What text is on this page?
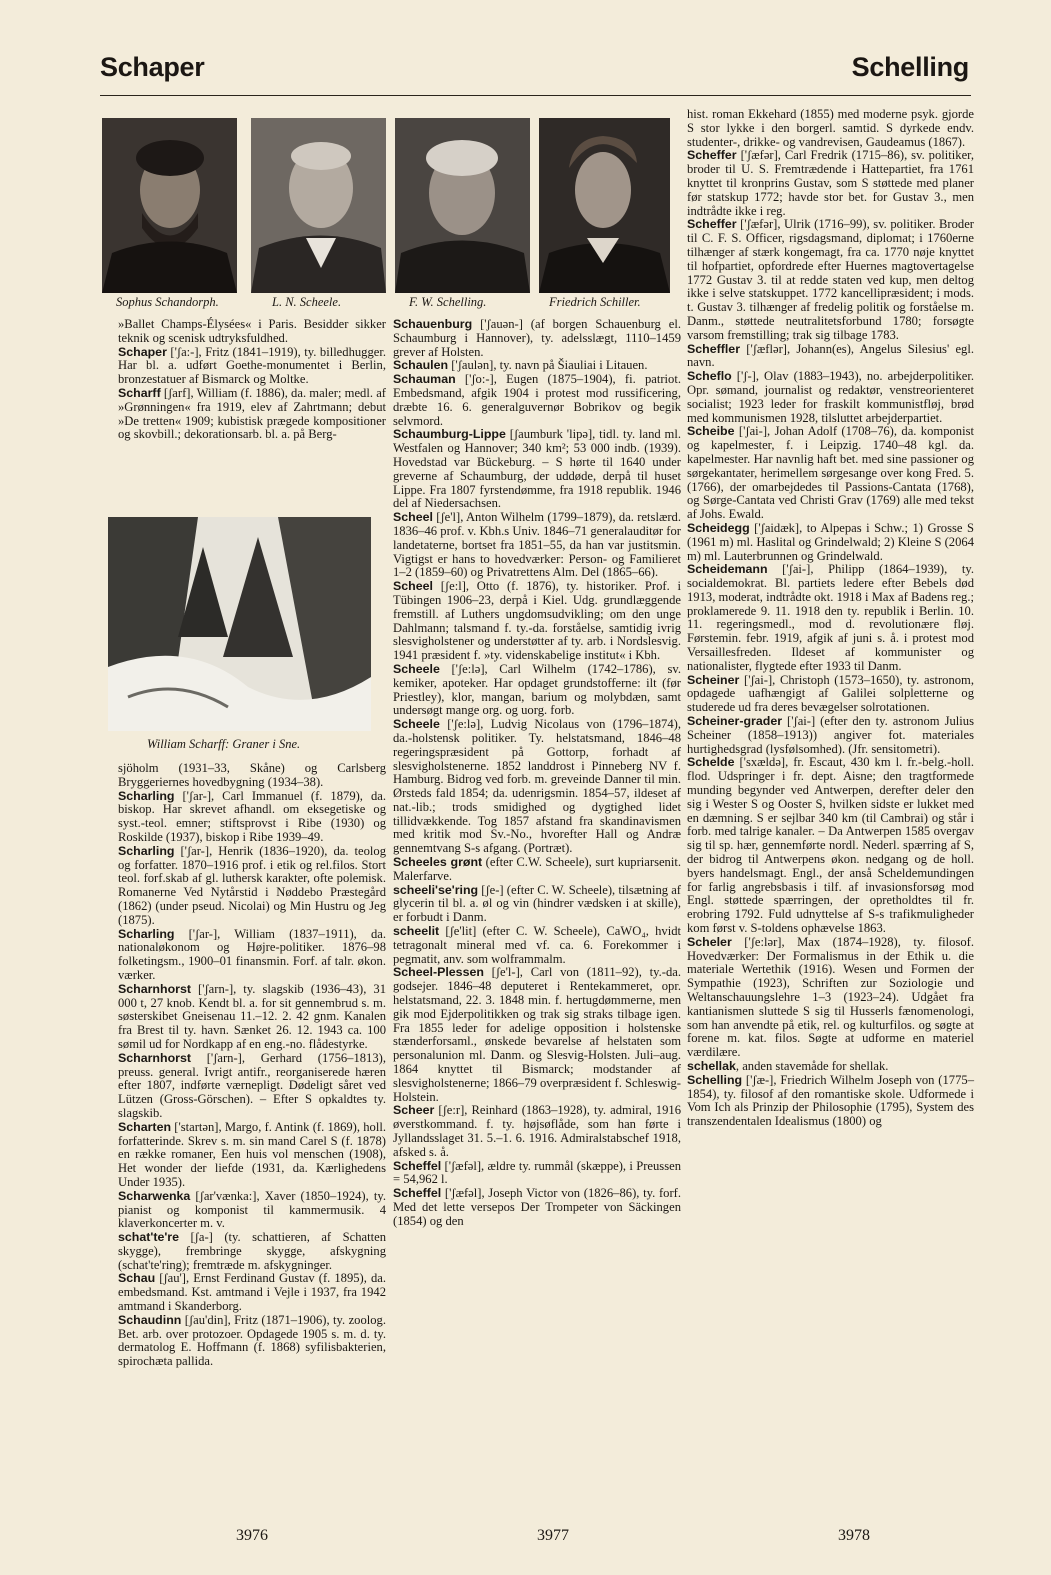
Schaper	Schelling
Sophus Schandorph.	L. N. Scheele.	F. W. Schelling.	Friedrich Schiller.

»Ballet Champs-Élysées« i Paris. Besidder sikker teknik og scenisk udtryksfuldhed.

Schaper ['ʃa:-], Fritz (1841–1919), ty. billedhugger. Har bl. a. udført Goethe-monumentet i Berlin, bronzestatuer af Bismarck og Moltke.

Scharff [ʃarf], William (f. 1886), da. maler; medl. af »Grønningen« fra 1919, elev af Zahrtmann; debut »De tretten« 1909; kubistisk prægede kompositioner og skovbill.; dekorationsarb. bl. a. på Berg-

William Scharff: Graner i Sne.

sjöholm (1931–33, Skåne) og Carlsberg Bryggeriernes hovedbygning (1934–38).

Scharling ['ʃar-], Carl Immanuel (f. 1879), da. biskop. Har skrevet afhandl. om eksegetiske og syst.-teol. emner; stiftsprovst i Ribe (1930) og Roskilde (1937), biskop i Ribe 1939–49.

Scharling ['ʃar-], Henrik (1836–1920), da. teolog og forfatter. 1870–1916 prof. i etik og rel.filos. Stort teol. forf.skab af gl. luthersk karakter, ofte polemisk. Romanerne Ved Nytårstid i Nøddebo Præstegård (1862) (under pseud. Nicolai) og Min Hustru og Jeg (1875).

Scharling ['ʃar-], William (1837–1911), da. nationaløkonom og Højre-politiker. 1876–98 folketingsm., 1900–01 finansmin. Forf. af talr. økon. værker.

Scharnhorst ['ʃarn-], ty. slagskib (1936–43), 31 000 t, 27 knob. Kendt bl. a. for sit gennembrud s. m. søsterskibet Gneisenau 11.–12. 2. 42 gnm. Kanalen fra Brest til ty. havn. Sænket 26. 12. 1943 ca. 100 sømil ud for Nordkapp af en eng.-no. flådestyrke.

Scharnhorst ['ʃarn-], Gerhard (1756–1813), preuss. general. Ivrigt antifr., reorganiserede hæren efter 1807, indførte værnepligt. Dødeligt såret ved Lützen (Gross-Görschen). – Efter S opkaldtes ty. slagskib.

Scharten ['startən], Margo, f. Antink (f. 1869), holl. forfatterinde. Skrev s. m. sin mand Carel S (f. 1878) en række romaner, Een huis vol menschen (1908), Het wonder der liefde (1931, da. Kærlighedens Under 1935).

Scharwenka [ʃar'vænka:], Xaver (1850–1924), ty. pianist og komponist til kammermusik. 4 klaverkoncerter m. v.

schat'te're [ʃa-] (ty. schattieren, af Schatten skygge), frembringe skygge, afskygning (schat'te'ring); fremtræde m. afskygninger.

Schau [ʃau'], Ernst Ferdinand Gustav (f. 1895), da. embedsmand. Kst. amtmand i Vejle i 1937, fra 1942 amtmand i Skanderborg.

Schaudinn [ʃau'din], Fritz (1871–1906), ty. zoolog. Bet. arb. over protozoer. Opdagede 1905 s. m. d. ty. dermatolog E. Hoffmann (f. 1868) syfilisbakterien, spirochæta pallida.

Schauenburg ['ʃauən-] (af borgen Schauenburg el. Schaumburg i Hannover), ty. adelsslægt, 1110–1459 grever af Holsten.

Schaulen ['ʃaulən], ty. navn på Šiauliai i Litauen.

Schauman ['ʃo:-], Eugen (1875–1904), fi. patriot. Embedsmand, afgik 1904 i protest mod russificering, dræbte 16. 6. generalguvernør Bobrikov og begik selvmord.

Schaumburg-Lippe [ʃaumburk 'lipə], tidl. ty. land ml. Westfalen og Hannover; 340 km²; 53 000 indb. (1939). Hovedstad var Bückeburg. – S hørte til 1640 under greverne af Schaumburg, der uddøde, derpå til huset Lippe. Fra 1807 fyrstendømme, fra 1918 republik. 1946 del af Niedersachsen.

Scheel [ʃe'l], Anton Wilhelm (1799–1879), da. retslærd. 1836–46 prof. v. Kbh.s Univ. 1846–71 generalauditør for landetaterne, bortset fra 1851–55, da han var justitsmin. Vigtigst er hans to hovedværker: Person- og Familieret 1–2 (1859–60) og Privatrettens Alm. Del (1865–66).

Scheel [ʃe:l], Otto (f. 1876), ty. historiker. Prof. i Tübingen 1906–23, derpå i Kiel. Udg. grundlæggende fremstill. af Luthers ungdomsudvikling; om den unge Dahlmann; talsmand f. ty.-da. forståelse, samtidig ivrig slesvigholstener og understøtter af ty. arb. i Nordslesvig. 1941 præsident f. »ty. videnskabelige institut« i Kbh.

Scheele ['ʃe:lə], Carl Wilhelm (1742–1786), sv. kemiker, apoteker. Har opdaget grundstofferne: ilt (før Priestley), klor, mangan, barium og molybdæn, samt undersøgt mange org. og uorg. forb.

Scheele ['ʃe:lə], Ludvig Nicolaus von (1796–1874), da.-holstensk politiker. Ty. helstatsmand, 1846–48 regeringspræsident på Gottorp, forhadt af slesvigholstenerne. 1852 landdrost i Pinneberg NV f. Hamburg. Bidrog ved forb. m. greveinde Danner til min. Ørsteds fald 1854; da. udenrigsmin. 1854–57, ildeset af nat.-lib.; trods smidighed og dygtighed lidet tillidvækkende. Tog 1857 afstand fra skandinavismen med kritik mod Sv.-No., hvorefter Hall og Andræ gennemtvang S-s afgang. (Portræt).

Scheeles grønt (efter C.W. Scheele), surt kupriarsenit. Malerfarve.

scheeli'se'ring [ʃe-] (efter C. W. Scheele), tilsætning af glycerin til bl. a. øl og vin (hindrer vædsken i at skille), er forbudt i Danm.

scheelit [ʃe'lit] (efter C. W. Scheele), CaWO₄, hvidt tetragonalt mineral med vf. ca. 6. Forekommer i pegmatit, anv. som wolframmalm.

Scheel-Plessen [ʃe'l-], Carl von (1811–92), ty.-da. godsejer. 1846–48 deputeret i Rentekammeret, opr. helstatsmand, 22. 3. 1848 min. f. hertugdømmerne, men gik mod Ejderpolitikken og trak sig straks tilbage igen. Fra 1855 leder for adelige opposition i holstenske stænderforsaml., ønskede bevarelse af helstaten som personalunion ml. Danm. og Slesvig-Holsten. Juli–aug. 1864 knyttet til Bismarck; modstander af slesvigholstenerne; 1866–79 overpræsident f. Schleswig-Holstein.

Scheer [ʃe:r], Reinhard (1863–1928), ty. admiral, 1916 øverstkommand. f. ty. højsøflåde, som han førte i Jyllandsslaget 31. 5.–1. 6. 1916. Admiralstabschef 1918, afsked s. å.

Scheffel ['ʃæfəl], ældre ty. rummål (skæppe), i Preussen = 54,962 l.

Scheffel ['ʃæfəl], Joseph Victor von (1826–86), ty. forf. Med det lette versepos Der Trompeter von Säckingen (1854) og den

hist. roman Ekkehard (1855) med moderne psyk. gjorde S stor lykke i den borgerl. samtid. S dyrkede endv. studenter-, drikke- og vandrevisen, Gaudeamus (1867).

Scheffer ['ʃæfər], Carl Fredrik (1715–86), sv. politiker, broder til U. S. Fremtrædende i Hattepartiet, fra 1761 knyttet til kronprins Gustav, som S støttede med planer før statskup 1772; havde stor bet. for Gustav 3., men indtrådte ikke i reg.

Scheffer ['ʃæfər], Ulrik (1716–99), sv. politiker. Broder til C. F. S. Officer, rigsdagsmand, diplomat; i 1760erne tilhænger af stærk kongemagt, fra ca. 1770 nøje knyttet til hofpartiet, opfordrede efter Huernes magtovertagelse 1772 Gustav 3. til at redde staten ved kup, men deltog ikke i selve statskuppet. 1772 kancellipræsident; i mods. t. Gustav 3. tilhænger af fredelig politik og forståelse m. Danm., støttede neutralitetsforbund 1780; forsøgte varsom fremstilling; trak sig tilbage 1783.

Scheffler ['ʃæflər], Johann(es), Angelus Silesius' egl. navn.

Scheflo ['ʃ-], Olav (1883–1943), no. arbejderpolitiker. Opr. sømand, journalist og redaktør, venstreorienteret socialist; 1923 leder for fraskilt kommunistfløj, brød med kommunismen 1928, tilsluttet arbejderpartiet.

Scheibe ['ʃai-], Johan Adolf (1708–76), da. komponist og kapelmester, f. i Leipzig. 1740–48 kgl. da. kapelmester. Har navnlig haft bet. med sine passioner og sørgekantater, herimellem sørgesange over kong Fred. 5. (1766), der omarbejdedes til Passions-Cantata (1768), og Sørge-Cantata ved Christi Grav (1769) alle med tekst af Johs. Ewald.

Scheidegg ['ʃaidæk], to Alpepas i Schw.; 1) Grosse S (1961 m) ml. Haslital og Grindelwald; 2) Kleine S (2064 m) ml. Lauterbrunnen og Grindelwald.

Scheidemann ['ʃai-], Philipp (1864–1939), ty. socialdemokrat. Bl. partiets ledere efter Bebels død 1913, moderat, indtrådte okt. 1918 i Max af Badens reg.; proklamerede 9. 11. 1918 den ty. republik i Berlin. 10. 11. regeringsmedl., mod d. revolutionære fløj. Førstemin. febr. 1919, afgik af juni s. å. i protest mod Versaillesfreden. Ildeset af kommunister og nationalister, flygtede efter 1933 til Danm.

Scheiner ['ʃai-], Christoph (1573–1650), ty. astronom, opdagede uafhængigt af Galilei solpletterne og studerede ud fra deres bevægelser solrotationen.

Scheiner-grader ['ʃai-] (efter den ty. astronom Julius Scheiner (1858–1913)) angiver fot. materiales hurtighedsgrad (lysfølsomhed). (Jfr. sensitometri).

Schelde ['sxældə], fr. Escaut, 430 km l. fr.-belg.-holl. flod. Udspringer i fr. dept. Aisne; den tragtformede munding begynder ved Antwerpen, derefter deler den sig i Wester S og Ooster S, hvilken sidste er lukket med en dæmning. S er sejlbar 340 km (til Cambrai) og står i forb. med talrige kanaler. – Da Antwerpen 1585 overgav sig til sp. hær, gennemførte nordl. Nederl. spærring af S, der bidrog til Antwerpens økon. nedgang og de holl. byers handelsmagt. Engl., der anså Scheldemundingen for farlig angrebsbasis i tilf. af invasionsforsøg mod Engl. støttede spærringen, der opretholdtes til fr. erobring 1792. Fuld udnyttelse af S-s trafikmuligheder kom først v. S-toldens ophævelse 1863.

Scheler ['ʃe:lər], Max (1874–1928), ty. filosof. Hovedværker: Der Formalismus in der Ethik u. die materiale Wertethik (1916). Wesen und Formen der Sympathie (1923), Schriften zur Soziologie und Weltanschauungslehre 1–3 (1923–24). Udgået fra kantianismen sluttede S sig til Husserls fænomenologi, som han anvendte på etik, rel. og kulturfilos. og søgte at forene m. kat. filos. Søgte at udforme en materiel værdilære.

schellak, anden stavemåde for shellak.

Schelling ['ʃæ-], Friedrich Wilhelm Joseph von (1775–1854), ty. filosof af den romantiske skole. Udformede i Vom Ich als Prinzip der Philosophie (1795), System des transzendentalen Idealismus (1800) og

3976	3977	3978
